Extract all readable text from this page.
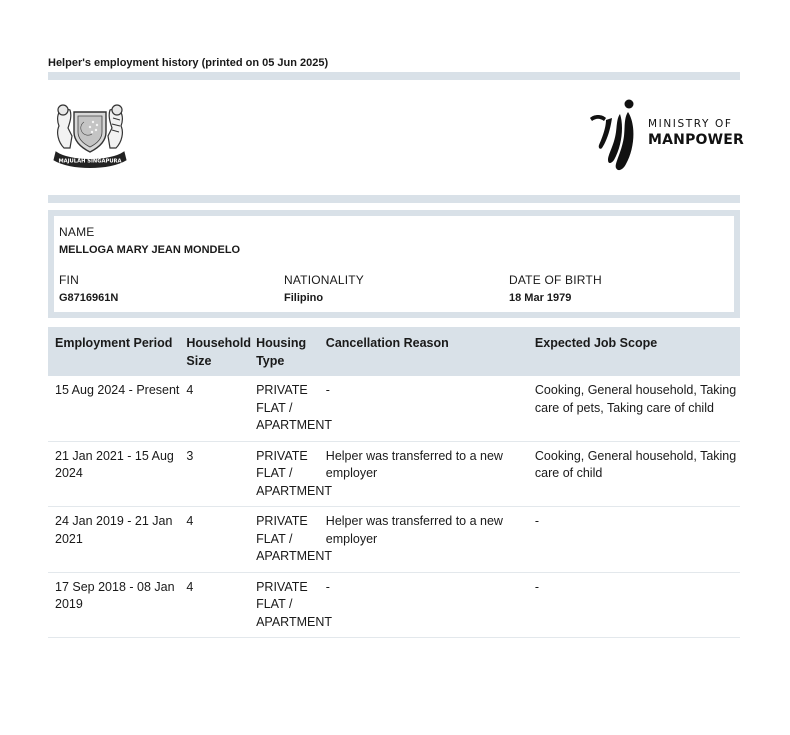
Helper's employment history (printed on 05 Jun 2025)
MAJULAH SINGAPURA
MINISTRY OF
MANPOWER
NAME
MELLOGA MARY JEAN MONDELO
FIN
G8716961N
NATIONALITY
Filipino
DATE OF BIRTH
18 Mar 1979
Employment Period	Household Size	Housing Type	Cancellation Reason	Expected Job Scope
15 Aug 2024 - Present	4	PRIVATE FLAT / APARTMENT	-	Cooking, General household, Taking care of pets, Taking care of child
21 Jan 2021 - 15 Aug 2024	3	PRIVATE FLAT / APARTMENT	Helper was transferred to a new employer	Cooking, General household, Taking care of child
24 Jan 2019 - 21 Jan 2021	4	PRIVATE FLAT / APARTMENT	Helper was transferred to a new employer	-
17 Sep 2018 - 08 Jan 2019	4	PRIVATE FLAT / APARTMENT	-	-
